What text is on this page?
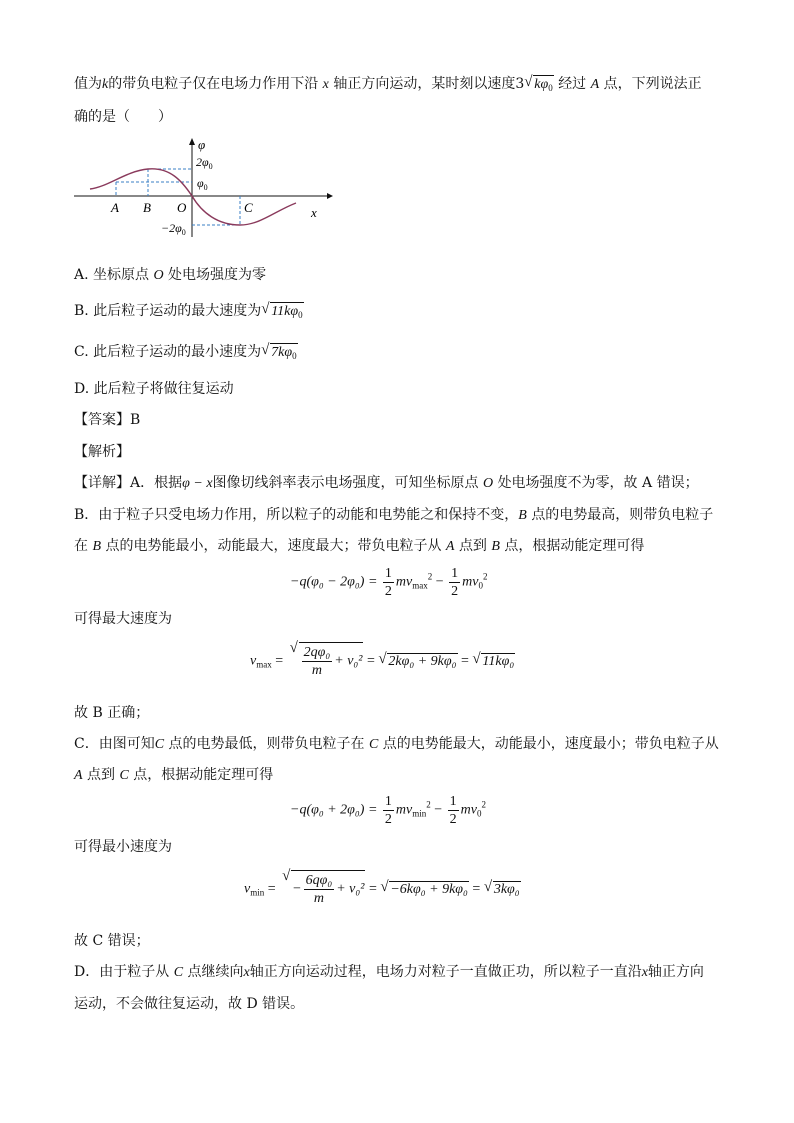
值为k的带负电粒子仅在电场力作用下沿 x 轴正方向运动，某时刻以速度3 √ $k\varphi_0$ 经过 A 点，下列说法正
确的是（　　）
φ
$2\varphi_0$
$\varphi_0$
$-2\varphi_0$
A B O	C	x
A. 坐标原点 O 处电场强度为零
B. 此后粒子运动的最大速度为 √ $11k\varphi_0$
C. 此后粒子运动的最小速度为 √ $7k\varphi_0$
D. 此后粒子将做往复运动
【答案】B
【解析】
【详解】A．根据φ − x图像切线斜率表示电场强度，可知坐标原点 O 处电场强度不为零，故 A 错误；
B．由于粒子只受电场力作用，所以粒子的动能和电势能之和保持不变，B 点的电势最高，则带负电粒子
在 B 点的电势能最小，动能最大，速度最大；带负电粒子从 A 点到 B 点，根据动能定理可得
$-q(\varphi_0 - 2\varphi_0) = \frac{1}{2} mv_{max}^2 - \frac{1}{2} mv_0^2$
可得最大速度为
$v_{max}$ = √ $\frac{\text{2qφ₀}}{m} + v_0^2$ = √ 2kφ₀ + 9kφ₀ = √ 11kφ₀
故 B 正确；
C．由图可知C 点的电势最低，则带负电粒子在 C 点的电势能最大，动能最小，速度最小；带负电粒子从
A 点到 C 点，根据动能定理可得
$-q(\varphi_0 + 2\varphi_0) = \frac{1}{2} mv_{min}^2 - \frac{1}{2} mv_0^2$
可得最小速度为
$v_{min}$ = √ − $\frac{\text{6qφ₀}}{m} + v_0^2$ = √ −6kφ₀ + 9kφ₀ = √ 3kφ₀
故 C 错误；
D．由于粒子从 C 点继续向x轴正方向运动过程，电场力对粒子一直做正功，所以粒子一直沿x轴正方向
运动，不会做往复运动，故 D 错误。
